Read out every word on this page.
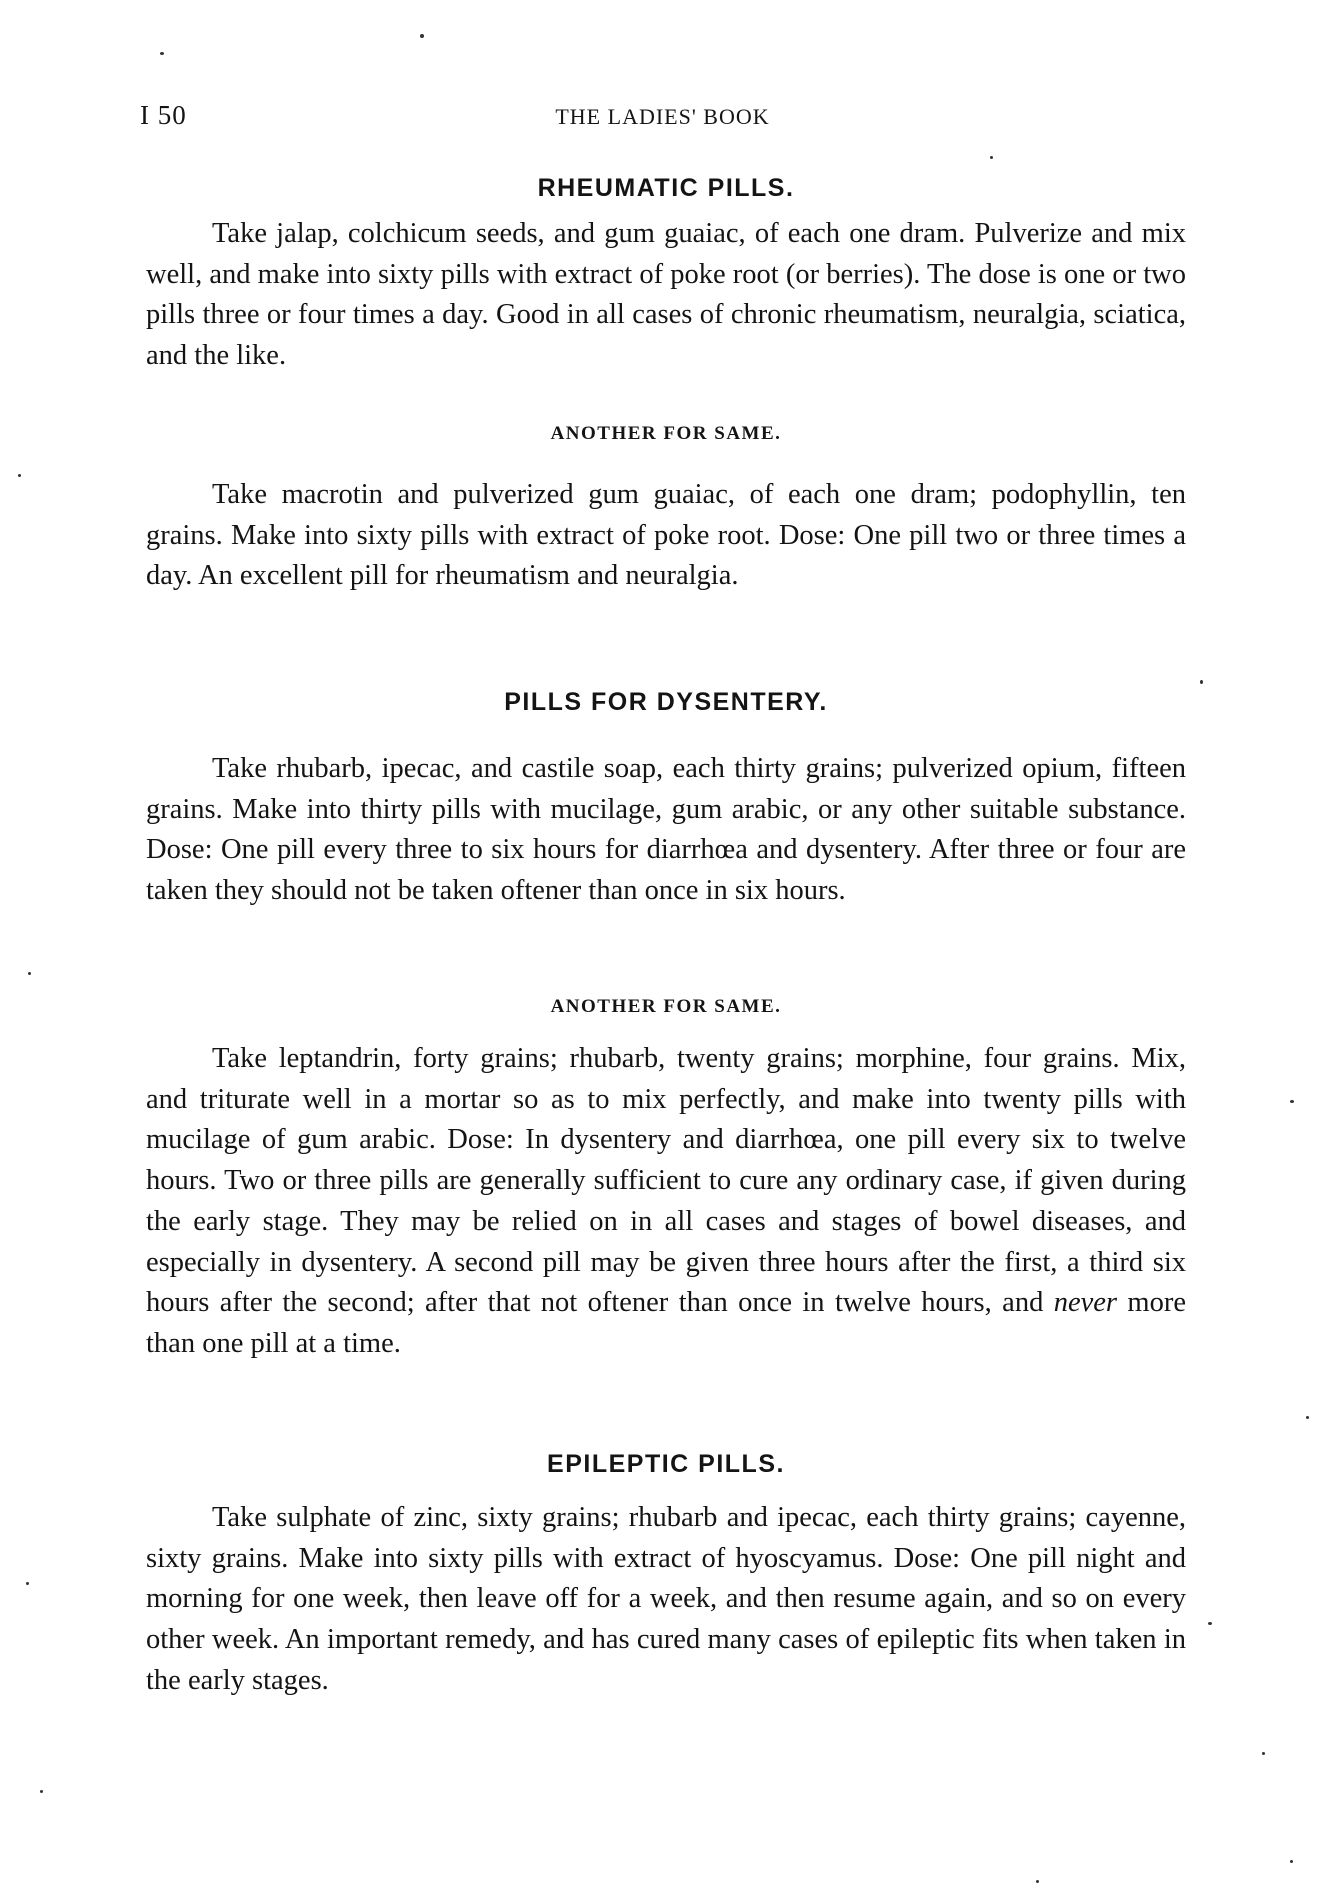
I 50	THE LADIES' BOOK
RHEUMATIC PILLS.

Take jalap, colchicum seeds, and gum guaiac, of each one dram. Pulverize and mix well, and make into sixty pills with extract of poke root (or berries). The dose is one or two pills three or four times a day. Good in all cases of chronic rheumatism, neuralgia, sciatica, and the like.

ANOTHER FOR SAME.

Take macrotin and pulverized gum guaiac, of each one dram; podophyllin, ten grains. Make into sixty pills with extract of poke root. Dose: One pill two or three times a day. An excellent pill for rheumatism and neuralgia.

PILLS FOR DYSENTERY.

Take rhubarb, ipecac, and castile soap, each thirty grains; pulverized opium, fifteen grains. Make into thirty pills with mucilage, gum arabic, or any other suitable substance. Dose: One pill every three to six hours for diarrhœa and dysentery. After three or four are taken they should not be taken oftener than once in six hours.

ANOTHER FOR SAME.

Take leptandrin, forty grains; rhubarb, twenty grains; morphine, four grains. Mix, and triturate well in a mortar so as to mix perfectly, and make into twenty pills with mucilage of gum arabic. Dose: In dysentery and diarrhœa, one pill every six to twelve hours. Two or three pills are generally sufficient to cure any ordinary case, if given during the early stage. They may be relied on in all cases and stages of bowel diseases, and especially in dysentery. A second pill may be given three hours after the first, a third six hours after the second; after that not oftener than once in twelve hours, and never more than one pill at a time.

EPILEPTIC PILLS.

Take sulphate of zinc, sixty grains; rhubarb and ipecac, each thirty grains; cayenne, sixty grains. Make into sixty pills with extract of hyoscyamus. Dose: One pill night and morning for one week, then leave off for a week, and then resume again, and so on every other week. An important remedy, and has cured many cases of epileptic fits when taken in the early stages.
